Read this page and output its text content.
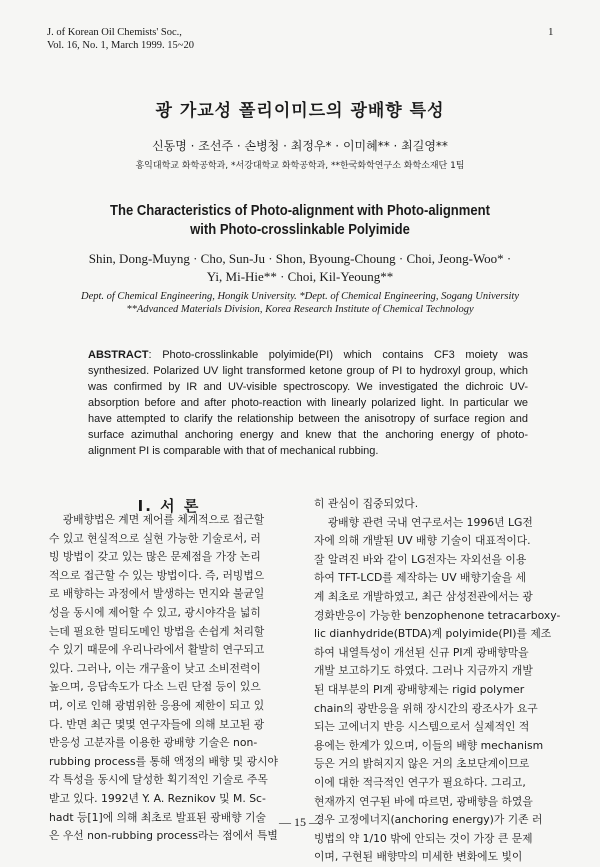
J. of Korean Oil Chemists' Soc.,
Vol. 16, No. 1, March 1999. 15~20
1
광 가교성 폴리이미드의 광배향 특성
신동명 · 조선주 · 손병청 · 최정우* · 이미혜** · 최길영**
홍익대학교 화학공학과, *서강대학교 화학공학과, **한국화학연구소 화학소재단 1팀
The Characteristics of Photo-alignment with Photo-alignment
with Photo-crosslinkable Polyimide
Shin, Dong-Muyng · Cho, Sun-Ju · Shon, Byoung-Choung · Choi, Jeong-Woo* ·
Yi, Mi-Hie** · Choi, Kil-Yeoung**
Dept. of Chemical Engineering, Hongik University. *Dept. of Chemical Engineering, Sogang University
**Advanced Materials Division, Korea Research Institute of Chemical Technology
ABSTRACT: Photo-crosslinkable polyimide(PI) which contains CF3 moiety was synthesized. Polarized UV light transformed ketone group of PI to hydroxyl group, which was confirmed by IR and UV-visible spectroscopy. We investigated the dichroic UV-absorption before and after photo-reaction with linearly polarized light. In particular we have attempted to clarify the relationship between the anisotropy of surface region and surface azimuthal anchoring energy and knew that the anchoring energy of photo-alignment PI is comparable with that of mechanical rubbing.
I. 서 론

광배향법은 계면 제어를 체계적으로 접근할

수 있고 현실적으로 실현 가능한 기술로서, 러

빙 방법이 갖고 있는 많은 문제점을 가장 논리

적으로 접근할 수 있는 방법이다. 즉, 러빙법으

로 배향하는 과정에서 발생하는 먼지와 불균일

성을 동시에 제어할 수 있고, 광시야각을 넓히

는데 필요한 멀티도메인 방법을 손쉽게 처리할

수 있기 때문에 우리나라에서 활발히 연구되고

있다. 그러나, 이는 개구율이 낮고 소비전력이

높으며, 응답속도가 다소 느린 단점 등이 있으

며, 이로 인해 광범위한 응용에 제한이 되고 있

다. 반면 최근 몇몇 연구자들에 의해 보고된 광

반응성 고분자를 이용한 광배향 기술은 non-

rubbing process를 통해 액정의 배향 및 광시야

각 특성을 동시에 달성한 획기적인 기술로 주목

받고 있다. 1992년 Y. A. Reznikov 및 M. Sc-

hadt 등[1]에 의해 최초로 발표된 광배향 기술

은 우선 non-rubbing process라는 점에서 특별

히 관심이 집중되었다.

광배향 관련 국내 연구로서는 1996년 LG전

자에 의해 개발된 UV 배향 기술이 대표적이다.

잘 알려진 바와 같이 LG전자는 자외선을 이용

하여 TFT-LCD를 제작하는 UV 배향기술을 세

계 최초로 개발하였고, 최근 삼성전관에서는 광

경화반응이 가능한 benzophenone tetracarboxy-

lic dianhydride(BTDA)계 polyimide(PI)를 제조

하여 내열특성이 개선된 신규 PI계 광배향막을

개발 보고하기도 하였다. 그러나 지금까지 개발

된 대부분의 PI계 광배향제는 rigid polymer

chain의 광반응을 위해 장시간의 광조사가 요구

되는 고에너지 반응 시스템으로서 실제적인 적

용에는 한계가 있으며, 이들의 배향 mechanism

등은 거의 밝혀지지 않은 거의 초보단계이므로

이에 대한 적극적인 연구가 필요하다. 그리고,

현재까지 연구된 바에 따르면, 광배향을 하였을

경우 고정에너지(anchoring energy)가 기존 러

빙법의 약 1/10 밖에 안되는 것이 가장 큰 문제

이며, 구현된 배향막의 미세한 변화에도 빛이

― 15 ―
